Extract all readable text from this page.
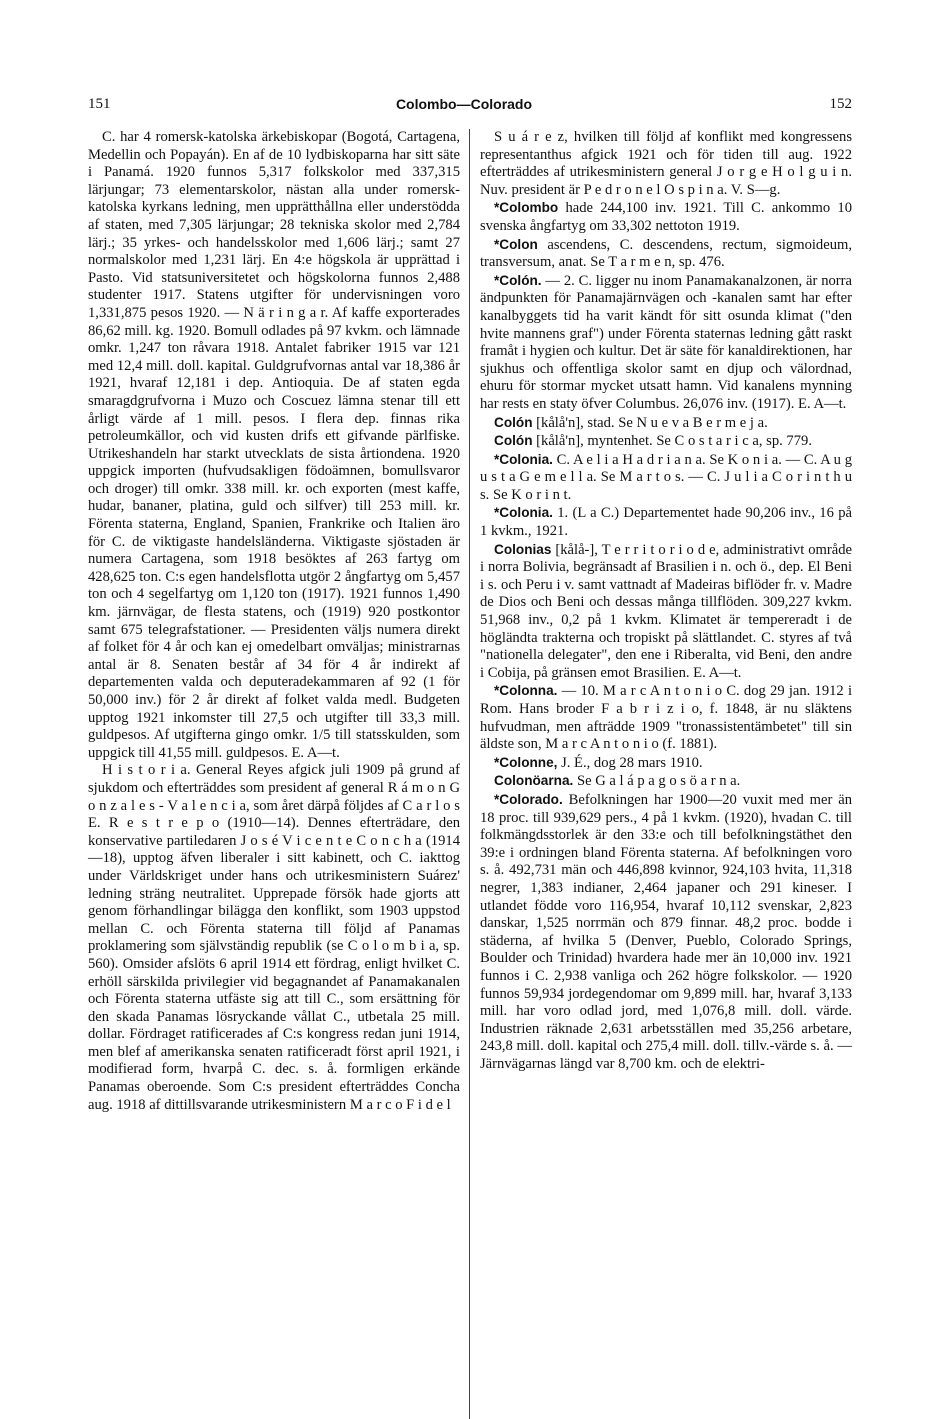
151	Colombo—Colorado	152

C. har 4 romersk-katolska ärkebiskopar (Bogotá, Cartagena, Medellin och Popayán). En af de 10 lydbiskoparna har sitt säte i Panamá. 1920 funnos 5,317 folkskolor med 337,315 lärjungar; 73 elementarskolor, nästan alla under romersk-katolska kyrkans ledning, men upprätthållna eller understödda af staten, med 7,305 lärjungar; 28 tekniska skolor med 2,784 lärj.; 35 yrkes- och handelsskolor med 1,606 lärj.; samt 27 normalskolor med 1,231 lärj. En 4:e högskola är upprättad i Pasto. Vid statsuniversitetet och högskolorna funnos 2,488 studenter 1917. Statens utgifter för undervisningen voro 1,331,875 pesos 1920. — N ä r i n g a r. Af kaffe exporterades 86,62 mill. kg. 1920. Bomull odlades på 97 kvkm. och lämnade omkr. 1,247 ton råvara 1918. Antalet fabriker 1915 var 121 med 12,4 mill. doll. kapital. Guldgrufvornas antal var 18,386 år 1921, hvaraf 12,181 i dep. Antioquia. De af staten egda smaragdgrufvorna i Muzo och Coscuez lämna stenar till ett årligt värde af 1 mill. pesos. I flera dep. finnas rika petroleumkällor, och vid kusten drifs ett gifvande pärlfiske. Utrikeshandeln har starkt utvecklats de sista årtiondena. 1920 uppgick importen (hufvudsakligen födoämnen, bomullsvaror och droger) till omkr. 338 mill. kr. och exporten (mest kaffe, hudar, bananer, platina, guld och silfver) till 253 mill. kr. Förenta staterna, England, Spanien, Frankrike och Italien äro för C. de viktigaste handelsländerna. Viktigaste sjöstaden är numera Cartagena, som 1918 besöktes af 263 fartyg om 428,625 ton. C:s egen handelsflotta utgör 2 ångfartyg om 5,457 ton och 4 segelfartyg om 1,120 ton (1917). 1921 funnos 1,490 km. järnvägar, de flesta statens, och (1919) 920 postkontor samt 675 telegrafstationer. — Presidenten väljs numera direkt af folket för 4 år och kan ej omedelbart omväljas; ministrarnas antal är 8. Senaten består af 34 för 4 år indirekt af departementen valda och deputeradekammaren af 92 (1 för 50,000 inv.) för 2 år direkt af folket valda medl. Budgeten upptog 1921 inkomster till 27,5 och utgifter till 33,3 mill. guldpesos. Af utgifterna gingo omkr. 1/5 till statsskulden, som uppgick till 41,55 mill. guldpesos. E. A—t.

H i s t o r i a. General Reyes afgick juli 1909 på grund af sjukdom och efterträddes som president af general R á m o n G o n z a l e s - V a l e n c i a, som året därpå följdes af C a r l o s E. R e s t r e p o (1910—14). Dennes efterträdare, den konservative partiledaren J o s é V i c e n t e C o n c h a (1914—18), upptog äfven liberaler i sitt kabinett, och C. iakttog under Världskriget under hans och utrikesministern Suárez' ledning sträng neutralitet. Upprepade försök hade gjorts att genom förhandlingar bilägga den konflikt, som 1903 uppstod mellan C. och Förenta staterna till följd af Panamas proklamering som självständig republik (se C o l o m b i a, sp. 560). Omsider afslöts 6 april 1914 ett fördrag, enligt hvilket C. erhöll särskilda privilegier vid begagnandet af Panamakanalen och Förenta staterna utfäste sig att till C., som ersättning för den skada Panamas lösryckande vållat C., utbetala 25 mill. dollar. Fördraget ratificerades af C:s kongress redan juni 1914, men blef af amerikanska senaten ratificeradt först april 1921, i modifierad form, hvarpå C. dec. s. å. formligen erkände Panamas oberoende. Som C:s president efterträddes Concha aug. 1918 af dittillsvarande utrikesministern M a r c o F i d e l

S u á r e z, hvilken till följd af konflikt med kongressens representanthus afgick 1921 och för tiden till aug. 1922 efterträddes af utrikesministern general J o r g e H o l g u i n. Nuv. president är P e d r o n e l O s p i n a. V. S—g.

*Colombo hade 244,100 inv. 1921. Till C. ankommo 10 svenska ångfartyg om 33,302 nettoton 1919.

*Colon ascendens, C. descendens, rectum, sigmoideum, transversum, anat. Se T a r m e n, sp. 476.

*Colón. — 2. C. ligger nu inom Panamakanalzonen, är norra ändpunkten för Panamajärnvägen och -kanalen samt har efter kanalbyggets tid ha varit kändt för sitt osunda klimat ("den hvite mannens graf") under Förenta staternas ledning gått raskt framåt i hygien och kultur. Det är säte för kanaldirektionen, har sjukhus och offentliga skolor samt en djup och välordnad, ehuru för stormar mycket utsatt hamn. Vid kanalens mynning har rests en staty öfver Columbus. 26,076 inv. (1917). E. A—t.

Colón [kålå'n], stad. Se N u e v a B e r m e j a.

Colón [kålå'n], myntenhet. Se C o s t a r i c a, sp. 779.

*Colonia. C. A e l i a H a d r i a n a. Se K o n i a. — C. A u g u s t a G e m e l l a. Se M a r t o s. — C. J u l i a C o r i n t h u s. Se K o r i n t.

*Colonia. 1. (L a C.) Departementet hade 90,206 inv., 16 på 1 kvkm., 1921.

Colonias [kålå-], T e r r i t o r i o d e, administrativt område i norra Bolivia, begränsadt af Brasilien i n. och ö., dep. El Beni i s. och Peru i v. samt vattnadt af Madeiras biflöder fr. v. Madre de Dios och Beni och dessas många tillflöden. 309,227 kvkm. 51,968 inv., 0,2 på 1 kvkm. Klimatet är tempereradt i de högländta trakterna och tropiskt på slättlandet. C. styres af två "nationella delegater", den ene i Riberalta, vid Beni, den andre i Cobija, på gränsen emot Brasilien. E. A—t.

*Colonna. — 10. M a r c A n t o n i o C. dog 29 jan. 1912 i Rom. Hans broder F a b r i z i o, f. 1848, är nu släktens hufvudman, men afträdde 1909 "tronassistentämbetet" till sin äldste son, M a r c A n t o n i o (f. 1881).

*Colonne, J. É., dog 28 mars 1910.

Colonöarna. Se G a l á p a g o s ö a r n a.

*Colorado. Befolkningen har 1900—20 vuxit med mer än 18 proc. till 939,629 pers., 4 på 1 kvkm. (1920), hvadan C. till folkmängdsstorlek är den 33:e och till befolkningstäthet den 39:e i ordningen bland Förenta staterna. Af befolkningen voro s. å. 492,731 män och 446,898 kvinnor, 924,103 hvita, 11,318 negrer, 1,383 indianer, 2,464 japaner och 291 kineser. I utlandet födde voro 116,954, hvaraf 10,112 svenskar, 2,823 danskar, 1,525 norrmän och 879 finnar. 48,2 proc. bodde i städerna, af hvilka 5 (Denver, Pueblo, Colorado Springs, Boulder och Trinidad) hvardera hade mer än 10,000 inv. 1921 funnos i C. 2,938 vanliga och 262 högre folkskolor. — 1920 funnos 59,934 jordegendomar om 9,899 mill. har, hvaraf 3,133 mill. har voro odlad jord, med 1,076,8 mill. doll. värde. Industrien räknade 2,631 arbetsställen med 35,256 arbetare, 243,8 mill. doll. kapital och 275,4 mill. doll. tillv.-värde s. å. — Järnvägarnas längd var 8,700 km. och de elektri-
